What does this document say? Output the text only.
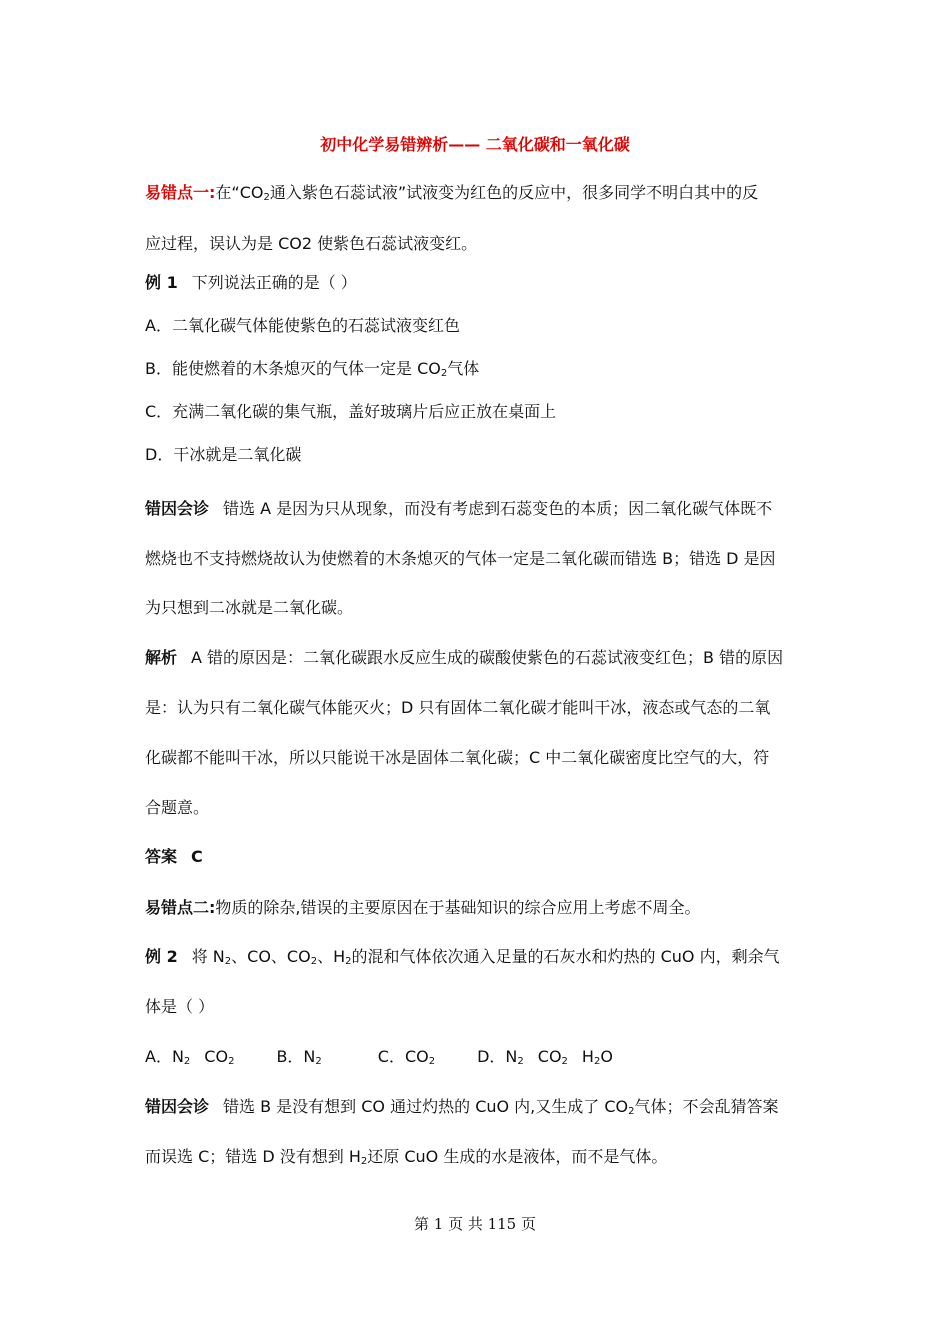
初中化学易错辨析—— 二氧化碳和一氧化碳
易错点一:在“$CO_2$通入紫色石蕊试液”试液变为红色的反应中，很多同学不明白其中的反
应过程，误认为是 CO2 使紫色石蕊试液变红。
例 1 下列说法正确的是（ ）
A．二氧化碳气体能使紫色的石蕊试液变红色
B．能使燃着的木条熄灭的气体一定是 $CO_2$气体
C．充满二氧化碳的集气瓶，盖好玻璃片后应正放在桌面上
D．干冰就是二氧化碳
错因会诊 错选 A 是因为只从现象，而没有考虑到石蕊变色的本质；因二氧化碳气体既不
燃烧也不支持燃烧故认为使燃着的木条熄灭的气体一定是二氧化碳而错选 B；错选 D 是因
为只想到二冰就是二氧化碳。
解析 A 错的原因是：二氧化碳跟水反应生成的碳酸使紫色的石蕊试液变红色；B 错的原因
是：认为只有二氧化碳气体能灭火；D 只有固体二氧化碳才能叫干冰，液态或气态的二氧
化碳都不能叫干冰，所以只能说干冰是固体二氧化碳；C 中二氧化碳密度比空气的大，符
合题意。
答案 C
易错点二:物质的除杂,错误的主要原因在于基础知识的综合应用上考虑不周全。
例 2 将 $N_2$、CO、$CO_2$、$H_2$的混和气体依次通入足量的石灰水和灼热的 CuO 内，剩余气
体是（ ）
A．$N_2$ $CO_2$	B．$N_2$	C．$CO_2$	D．$N_2$ $CO_2$ $H_2O$
错因会诊 错选 B 是没有想到 CO 通过灼热的 CuO 内,又生成了 $CO_2$气体；不会乱猜答案
而误选 C；错选 D 没有想到 $H_2$还原 CuO 生成的水是液体，而不是气体。
第 1 页 共 115 页
